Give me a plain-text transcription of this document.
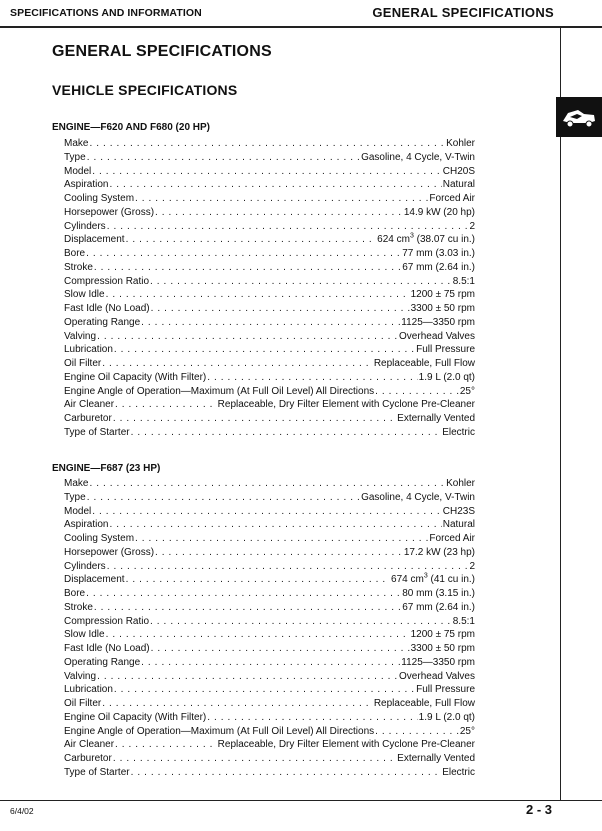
SPECIFICATIONS AND INFORMATION	GENERAL SPECIFICATIONS
GENERAL SPECIFICATIONS
VEHICLE SPECIFICATIONS
ENGINE—F620 AND F680 (20 HP)
Make . . .	Kohler
Type . . .	Gasoline, 4 Cycle, V-Twin
Model . . .	CH20S
Aspiration . . .	Natural
Cooling System . . .	Forced Air
Horsepower (Gross) . . .	14.9 kW (20 hp)
Cylinders . . .	2
Displacement . . .	624 $cm^3$ (38.07 cu in.)
Bore . . .	77 mm (3.03 in.)
Stroke . . .	67 mm (2.64 in.)
Compression Ratio . . .	8.5:1
Slow Idle . . .	1200 ± 75 rpm
Fast Idle (No Load) . . .	3300 ± 50 rpm
Operating Range . . .	1125—3350 rpm
Valving . . .	Overhead Valves
Lubrication . . .	Full Pressure
Oil Filter . . .	Replaceable, Full Flow
Engine Oil Capacity (With Filter) . . .	1.9 L (2.0 qt)
Engine Angle of Operation—Maximum (At Full Oil Level) All Directions . . .	25°
Air Cleaner . . .	Replaceable, Dry Filter Element with Cyclone Pre-Cleaner
Carburetor . . .	Externally Vented
Type of Starter . . .	Electric
ENGINE—F687 (23 HP)
Make . . .	Kohler
Type . . .	Gasoline, 4 Cycle, V-Twin
Model . . .	CH23S
Aspiration . . .	Natural
Cooling System . . .	Forced Air
Horsepower (Gross) . . .	17.2 kW (23 hp)
Cylinders . . .	2
Displacement . . .	674 $cm^3$ (41 cu in.)
Bore . . .	80 mm (3.15 in.)
Stroke . . .	67 mm (2.64 in.)
Compression Ratio . . .	8.5:1
Slow Idle . . .	1200 ± 75 rpm
Fast Idle (No Load) . . .	3300 ± 50 rpm
Operating Range . . .	1125—3350 rpm
Valving . . .	Overhead Valves
Lubrication . . .	Full Pressure
Oil Filter . . .	Replaceable, Full Flow
Engine Oil Capacity (With Filter) . . .	1.9 L (2.0 qt)
Engine Angle of Operation—Maximum (At Full Oil Level) All Directions . . .	25°
Air Cleaner . . .	Replaceable, Dry Filter Element with Cyclone Pre-Cleaner
Carburetor . . .	Externally Vented
Type of Starter . . .	Electric
6/4/02	2 - 3
